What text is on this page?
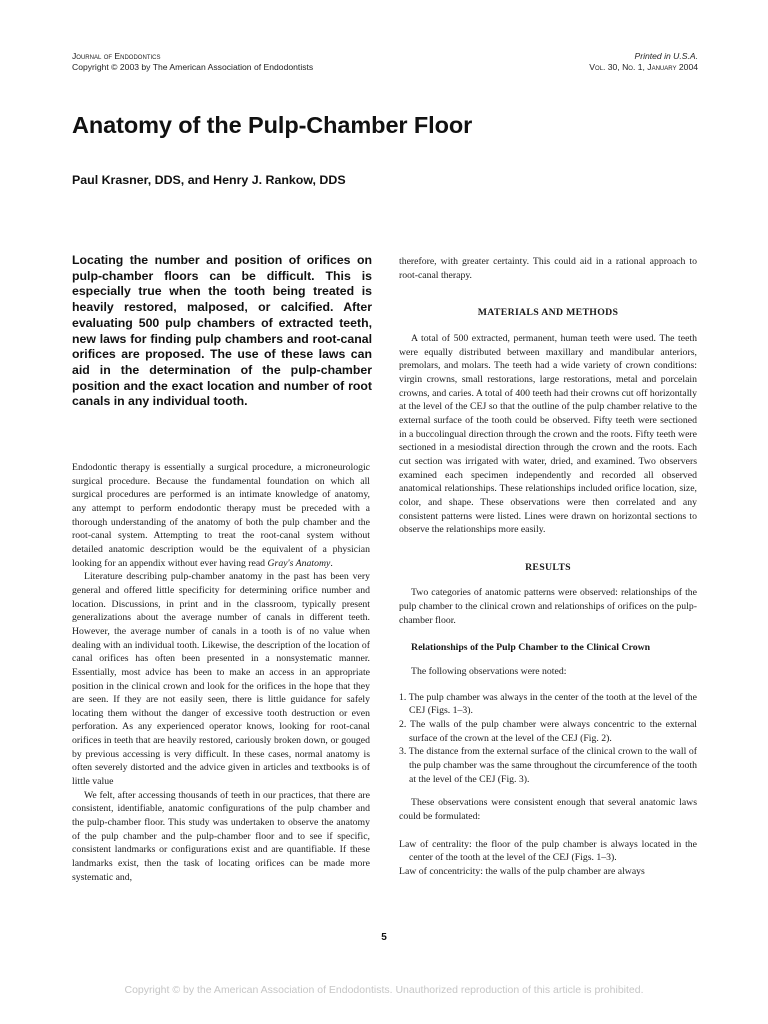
Journal of Endodontics
Copyright © 2003 by The American Association of Endodontists
Printed in U.S.A.
Vol. 30, No. 1, January 2004
Anatomy of the Pulp-Chamber Floor
Paul Krasner, DDS, and Henry J. Rankow, DDS
Locating the number and position of orifices on pulp-chamber floors can be difficult. This is especially true when the tooth being treated is heavily restored, malposed, or calcified. After evaluating 500 pulp chambers of extracted teeth, new laws for finding pulp chambers and root-canal orifices are proposed. The use of these laws can aid in the determination of the pulp-chamber position and the exact location and number of root canals in any individual tooth.

Endodontic therapy is essentially a surgical procedure, a microneurologic surgical procedure. Because the fundamental foundation on which all surgical procedures are performed is an intimate knowledge of anatomy, any attempt to perform endodontic therapy must be preceded with a thorough understanding of the anatomy of both the pulp chamber and the root-canal system. Attempting to treat the root-canal system without detailed anatomic description would be the equivalent of a physician looking for an appendix without ever having read Gray's Anatomy.

Literature describing pulp-chamber anatomy in the past has been very general and offered little specificity for determining orifice number and location. Discussions, in print and in the classroom, typically present generalizations about the average number of canals in different teeth. However, the average number of canals in a tooth is of no value when dealing with an individual tooth. Likewise, the description of the location of canal orifices has often been presented in a nonsystematic manner. Essentially, most advice has been to make an access in an appropriate position in the clinical crown and look for the orifices in the hope that they are seen. If they are not easily seen, there is little guidance for safely locating them without the danger of excessive tooth destruction or even perforation. As any experienced operator knows, looking for root-canal orifices in teeth that are heavily restored, cariously broken down, or gouged by previous accessing is very difficult. In these cases, normal anatomy is often severely distorted and the advice given in articles and textbooks is of little value

We felt, after accessing thousands of teeth in our practices, that there are consistent, identifiable, anatomic configurations of the pulp chamber and the pulp-chamber floor. This study was undertaken to observe the anatomy of the pulp chamber and the pulp-chamber floor and to see if specific, consistent landmarks or configurations exist and are quantifiable. If these landmarks exist, then the task of locating orifices can be made more systematic and,

therefore, with greater certainty. This could aid in a rational approach to root-canal therapy.

MATERIALS AND METHODS

A total of 500 extracted, permanent, human teeth were used. The teeth were equally distributed between maxillary and mandibular anteriors, premolars, and molars. The teeth had a wide variety of crown conditions: virgin crowns, small restorations, large restorations, metal and porcelain crowns, and caries. A total of 400 teeth had their crowns cut off horizontally at the level of the CEJ so that the outline of the pulp chamber relative to the external surface of the tooth could be observed. Fifty teeth were sectioned in a buccolingual direction through the crown and the roots. Fifty teeth were sectioned in a mesiodistal direction through the crown and the roots. Each cut section was irrigated with water, dried, and examined. Two observers examined each specimen independently and recorded all observed anatomical relationships. These relationships included orifice location, size, color, and shape. These observations were then correlated and any consistent patterns were listed. Lines were drawn on horizontal sections to observe the relationships more easily.

RESULTS

Two categories of anatomic patterns were observed: relationships of the pulp chamber to the clinical crown and relationships of orifices on the pulp-chamber floor.

Relationships of the Pulp Chamber to the Clinical Crown

The following observations were noted:

1. The pulp chamber was always in the center of the tooth at the level of the CEJ (Figs. 1–3).
2. The walls of the pulp chamber were always concentric to the external surface of the crown at the level of the CEJ (Fig. 2).
3. The distance from the external surface of the clinical crown to the wall of the pulp chamber was the same throughout the circumference of the tooth at the level of the CEJ (Fig. 3).

These observations were consistent enough that several anatomic laws could be formulated:

Law of centrality: the floor of the pulp chamber is always located in the center of the tooth at the level of the CEJ (Figs. 1–3).

Law of concentricity: the walls of the pulp chamber are always

5
Copyright © by the American Association of Endodontists. Unauthorized reproduction of this article is prohibited.
